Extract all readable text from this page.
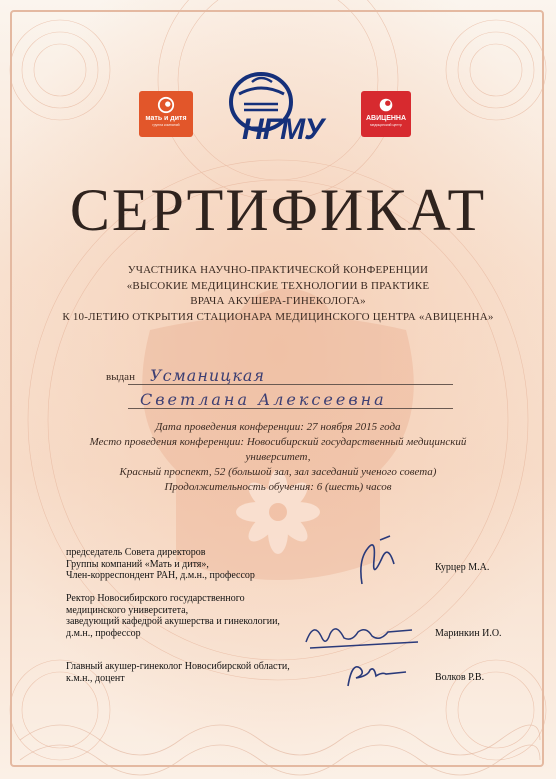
мать и дитя
группа компаний	НГМУ	АВИЦЕННА
медицинский центр
СЕРТИФИКАТ
УЧАСТНИКА НАУЧНО-ПРАКТИЧЕСКОЙ КОНФЕРЕНЦИИ
«ВЫСОКИЕ МЕДИЦИНСКИЕ ТЕХНОЛОГИИ В ПРАКТИКЕ
ВРАЧА АКУШЕРА-ГИНЕКОЛОГА»
К 10-ЛЕТИЮ ОТКРЫТИЯ СТАЦИОНАРА МЕДИЦИНСКОГО ЦЕНТРА «АВИЦЕННА»
выдан Усманицкая
Светлана Алексеевна
Дата проведения конференции: 27 ноября 2015 года
Место проведения конференции: Новосибирский государственный медицинский университет,
Красный проспект, 52 (большой зал, зал заседаний ученого совета)
Продолжительность обучения: 6 (шесть) часов
председатель Совета директоров
Группы компаний «Мать и дитя»,
Член-корреспондент РАН, д.м.н., профессор
Курцер М.А.
Ректор Новосибирского государственного
медицинского университета,
заведующий кафедрой акушерства и гинекологии,
д.м.н., профессор	Маринкин И.О.
Главный акушер-гинеколог Новосибирской области,
к.м.н., доцент	Волков Р.В.
